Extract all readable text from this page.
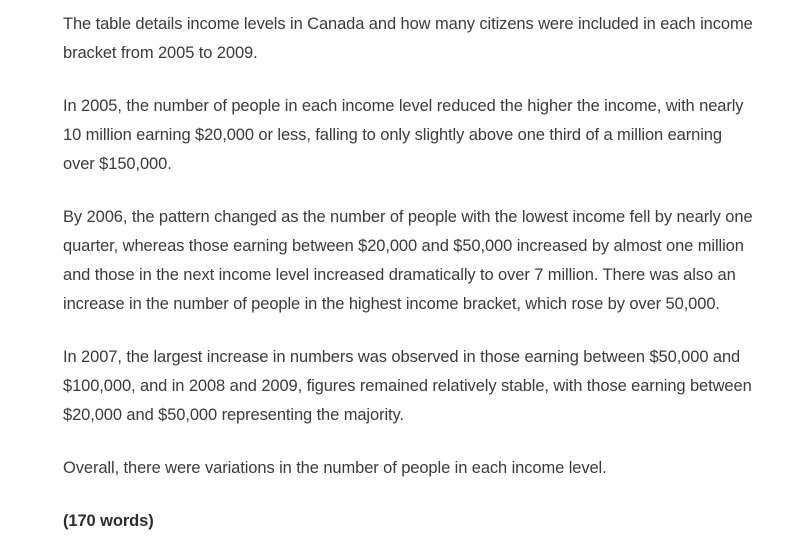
The table details income levels in Canada and how many citizens were included in each income bracket from 2005 to 2009.

In 2005, the number of people in each income level reduced the higher the income, with nearly 10 million earning $20,000 or less, falling to only slightly above one third of a million earning over $150,000.

By 2006, the pattern changed as the number of people with the lowest income fell by nearly one quarter, whereas those earning between $20,000 and $50,000 increased by almost one million and those in the next income level increased dramatically to over 7 million. There was also an increase in the number of people in the highest income bracket, which rose by over 50,000.

In 2007, the largest increase in numbers was observed in those earning between $50,000 and $100,000, and in 2008 and 2009, figures remained relatively stable, with those earning between $20,000 and $50,000 representing the majority.

Overall, there were variations in the number of people in each income level.

(170 words)
